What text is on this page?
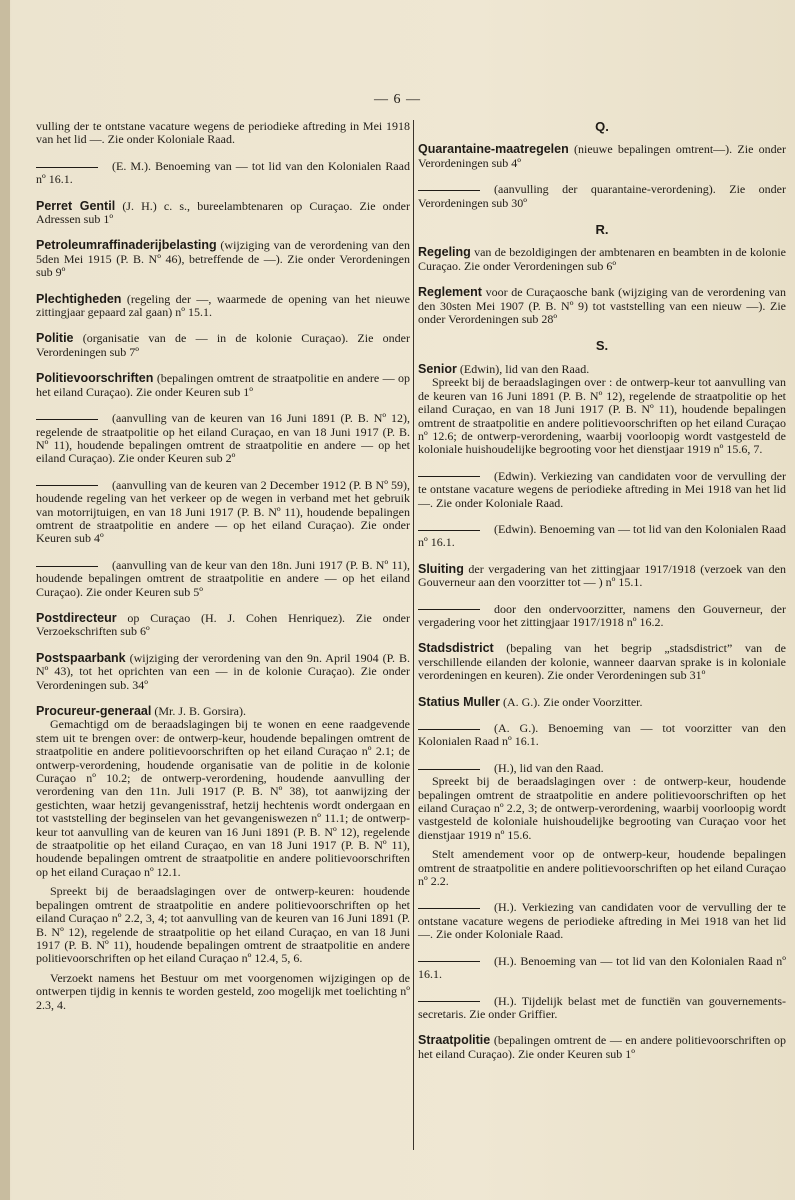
— 6 —

vulling der te ontstane vacature wegens de periodieke aftreding in Mei 1918 van het lid —. Zie onder Koloniale Raad.

(E. M.). Benoeming van — tot lid van den Kolonialen Raad nº 16.1.

Perret Gentil (J. H.) c. s., bureelambtenaren op Curaçao. Zie onder Adressen sub 1º

Petroleumraffinaderijbelasting (wijziging van de verordening van den 5den Mei 1915 (P. B. Nº 46), betreffende de —). Zie onder Verordeningen sub 9º

Plechtigheden (regeling der —, waarmede de opening van het nieuwe zittingjaar gepaard zal gaan) nº 15.1.

Politie (organisatie van de — in de kolonie Curaçao). Zie onder Verordeningen sub 7º

Politievoorschriften (bepalingen omtrent de straatpolitie en andere — op het eiland Curaçao). Zie onder Keuren sub 1º

(aanvulling van de keuren van 16 Juni 1891 (P. B. Nº 12), regelende de straatpolitie op het eiland Curaçao, en van 18 Juni 1917 (P. B. Nº 11), houdende bepalingen omtrent de straatpolitie en andere — op het eiland Curaçao). Zie onder Keuren sub 2º

(aanvulling van de keuren van 2 December 1912 (P. B Nº 59), houdende regeling van het verkeer op de wegen in verband met het gebruik van motorrijtuigen, en van 18 Juni 1917 (P. B. Nº 11), houdende bepalingen omtrent de straatpolitie en andere — op het eiland Curaçao). Zie onder Keuren sub 4º

(aanvulling van de keur van den 18n. Juni 1917 (P. B. Nº 11), houdende bepalingen omtrent de straatpolitie en andere — op het eiland Curaçao). Zie onder Keuren sub 5º

Postdirecteur op Curaçao (H. J. Cohen Henriquez). Zie onder Verzoekschriften sub 6º

Postspaarbank (wijziging der verordening van den 9n. April 1904 (P. B. Nº 43), tot het oprichten van een — in de kolonie Curaçao). Zie onder Verordeningen sub. 34º

Procureur-generaal (Mr. J. B. Gorsira).

Gemachtigd om de beraadslagingen bij te wonen en eene raadgevende stem uit te brengen over: de ontwerp-keur, houdende bepalingen omtrent de straatpolitie en andere politievoorschriften op het eiland Curaçao nº 2.1; de ontwerp-verordening, houdende organisatie van de politie in de kolonie Curaçao nº 10.2; de ontwerp-verordening, houdende aanvulling der verordening van den 11n. Juli 1917 (P. B. Nº 38), tot aanwijzing der gestichten, waar hetzij gevangenisstraf, hetzij hechtenis wordt ondergaan en tot vaststelling der beginselen van het gevangeniswezen nº 11.1; de ontwerp-keur tot aanvulling van de keuren van 16 Juni 1891 (P. B. Nº 12), regelende de straatpolitie op het eiland Curaçao, en van 18 Juni 1917 (P. B. Nº 11), houdende bepalingen omtrent de straatpolitie en andere politievoorschriften op het eiland Curaçao nº 12.1.

Spreekt bij de beraadslagingen over de ontwerp-keuren: houdende bepalingen omtrent de straatpolitie en andere politievoorschriften op het eiland Curaçao nº 2.2, 3, 4; tot aanvulling van de keuren van 16 Juni 1891 (P. B. Nº 12), regelende de straatpolitie op het eiland Curaçao, en van 18 Juni 1917 (P. B. Nº 11), houdende bepalingen omtrent de straatpolitie en andere politievoorschriften op het eiland Curaçao nº 12.4, 5, 6.

Verzoekt namens het Bestuur om met voorgenomen wijzigingen op de ontwerpen tijdig in kennis te worden gesteld, zoo mogelijk met toelichting nº 2.3, 4.

Q.

Quarantaine-maatregelen (nieuwe bepalingen omtrent—). Zie onder Verordeningen sub 4º

(aanvulling der quarantaine-verordening). Zie onder Verordeningen sub 30º

R.

Regeling van de bezoldigingen der ambtenaren en beambten in de kolonie Curaçao. Zie onder Verordeningen sub 6º

Reglement voor de Curaçaosche bank (wijziging van de verordening van den 30sten Mei 1907 (P. B. Nº 9) tot vaststelling van een nieuw —). Zie onder Verordeningen sub 28º

S.

Senior (Edwin), lid van den Raad.

Spreekt bij de beraadslagingen over : de ontwerp-keur tot aanvulling van de keuren van 16 Juni 1891 (P. B. Nº 12), regelende de straatpolitie op het eiland Curaçao, en van 18 Juni 1917 (P. B. Nº 11), houdende bepalingen omtrent de straatpolitie en andere politievoorschriften op het eiland Curaçao nº 12.6; de ontwerp-verordening, waarbij voorloopig wordt vastgesteld de koloniale huishoudelijke begrooting voor het dienstjaar 1919 nº 15.6, 7.

(Edwin). Verkiezing van candidaten voor de vervulling der te ontstane vacature wegens de periodieke aftreding in Mei 1918 van het lid —. Zie onder Koloniale Raad.

(Edwin). Benoeming van — tot lid van den Kolonialen Raad nº 16.1.

Sluiting der vergadering van het zittingjaar 1917/1918 (verzoek van den Gouverneur aan den voorzitter tot — ) nº 15.1.

door den ondervoorzitter, namens den Gouverneur, der vergadering voor het zittingjaar 1917/1918 nº 16.2.

Stadsdistrict (bepaling van het begrip „stadsdistrict” van de verschillende eilanden der kolonie, wanneer daarvan sprake is in koloniale verordeningen en keuren). Zie onder Verordeningen sub 31º

Statius Muller (A. G.). Zie onder Voorzitter.

(A. G.). Benoeming van — tot voorzitter van den Kolonialen Raad nº 16.1.

(H.), lid van den Raad.

Spreekt bij de beraadslagingen over : de ontwerp-keur, houdende bepalingen omtrent de straatpolitie en andere politievoorschriften op het eiland Curaçao nº 2.2, 3; de ontwerp-verordening, waarbij voorloopig wordt vastgesteld de koloniale huishoudelijke begrooting van Curaçao voor het dienstjaar 1919 nº 15.6.

Stelt amendement voor op de ontwerp-keur, houdende bepalingen omtrent de straatpolitie en andere politievoorschriften op het eiland Curaçao nº 2.2.

(H.). Verkiezing van candidaten voor de vervulling der te ontstane vacature wegens de periodieke aftreding in Mei 1918 van het lid —. Zie onder Koloniale Raad.

(H.). Benoeming van — tot lid van den Kolonialen Raad nº 16.1.

(H.). Tijdelijk belast met de functiën van gouvernements-secretaris. Zie onder Griffier.

Straatpolitie (bepalingen omtrent de — en andere politievoorschriften op het eiland Curaçao). Zie onder Keuren sub 1º
